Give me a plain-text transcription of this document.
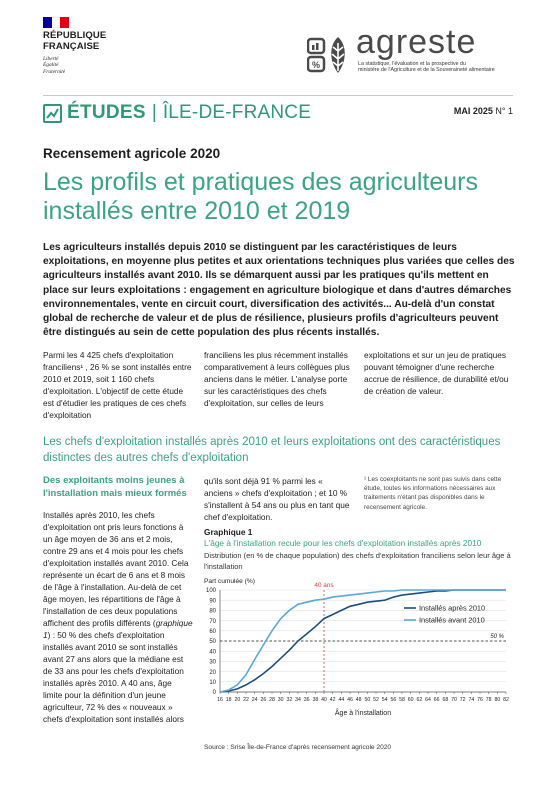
RÉPUBLIQUE
FRANÇAISE
Liberté
Égalité
Fraternité
%
agreste
La statistique, l'évaluation et la prospective du
ministère de l'Agriculture et de la Souveraineté alimentaire
ÉTUDES | ÎLE-DE-FRANCE	MAI 2025 N° 1
Recensement agricole 2020
Les profils et pratiques des agriculteurs installés entre 2010 et 2019

Les agriculteurs installés depuis 2010 se distinguent par les caractéristiques de leurs exploitations, en moyenne plus petites et aux orientations techniques plus variées que celles des agriculteurs installés avant 2010. Ils se démarquent aussi par les pratiques qu'ils mettent en place sur leurs exploitations : engagement en agriculture biologique et dans d'autres démarches environnementales, vente en circuit court, diversification des activités... Au-delà d'un constat global de recherche de valeur et de plus de résilience, plusieurs profils d'agriculteurs peuvent être distingués au sein de cette population des plus récents installés.

Parmi les 4 425 chefs d'exploitation franciliens¹ , 26 % se sont installés entre 2010 et 2019, soit 1 160 chefs d'exploitation. L'objectif de cette étude est d'étudier les pratiques de ces chefs d'exploitation

franciliens les plus récemment installés comparativement à leurs collègues plus anciens dans le métier. L'analyse porte sur les caractéristiques des chefs d'exploitation, sur celles de leurs

exploitations et sur un jeu de pratiques pouvant témoigner d'une recherche accrue de résilience, de durabilité et/ou de création de valeur.

Les chefs d'exploitation installés après 2010 et leurs exploitations ont des caractéristiques distinctes des autres chefs d'exploitation
Des exploitants moins jeunes à l'installation mais mieux formés

Installés après 2010, les chefs d'exploitation ont pris leurs fonctions à un âge moyen de 36 ans et 2 mois, contre 29 ans et 4 mois pour les chefs d'exploitation installés avant 2010. Cela représente un écart de 6 ans et 8 mois de l'âge à l'installation. Au-delà de cet âge moyen, les répartitions de l'âge à l'installation de ces deux populations affichent des profils différents (graphique 1) : 50 % des chefs d'exploitation installés avant 2010 se sont installés avant 27 ans alors que la médiane est de 33 ans pour les chefs d'exploitation installés après 2010. A 40 ans, âge limite pour la définition d'un jeune agriculteur, 72 % des « nouveaux » chefs d'exploitation sont installés alors

qu'ils sont déjà 91 % parmi les « anciens » chefs d'exploitation ; et 10 % s'installent à 54 ans ou plus en tant que chef d'exploitation.

¹ Les coexploitants ne sont pas suivis dans cette étude, toutes les informations nécessaires aux traitements n'étant pas disponibles dans le recensement agricole.

Graphique 1
L'âge à l'installation recule pour les chefs d'exploitation installés après 2010
Distribution (en % de chaque population) des chefs d'exploitation franciliens selon leur âge à l'installation
Part cumulée (%)
0
10
20
30
40
50
60
70
80
90
100
16 18 20 22 24 26 28 30 32 34 36 38 40 42 44 46 48 50 52 54 56 58 60 62 64 66 68 70 72 74 76 78 80 82
Âge à l'installation
40 ans
50 %
Installés après 2010
Installés avant 2010
Source : Srise Île-de-France d'après recensement agricole 2020
